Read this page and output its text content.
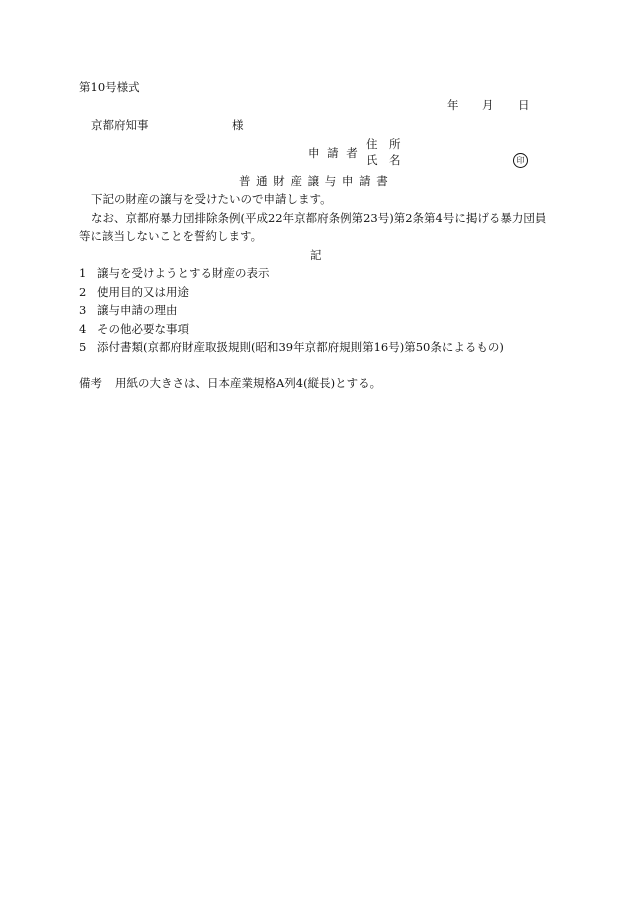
第10号様式
年 月 日
京都府知事	様
申 請 者
住　所
氏　名	印
普 通 財 産 譲 与 申 請 書
下記の財産の譲与を受けたいので申請します。
なお、京都府暴力団排除条例(平成22年京都府条例第23号)第2条第4号に掲げる暴力団員
等に該当しないことを誓約します。
記
1 譲与を受けようとする財産の表示
2 使用目的又は用途
3 譲与申請の理由
4 その他必要な事項
5 添付書類(京都府財産取扱規則(昭和39年京都府規則第16号)第50条によるもの)
備考 用紙の大きさは、日本産業規格A列4(縦長)とする。
